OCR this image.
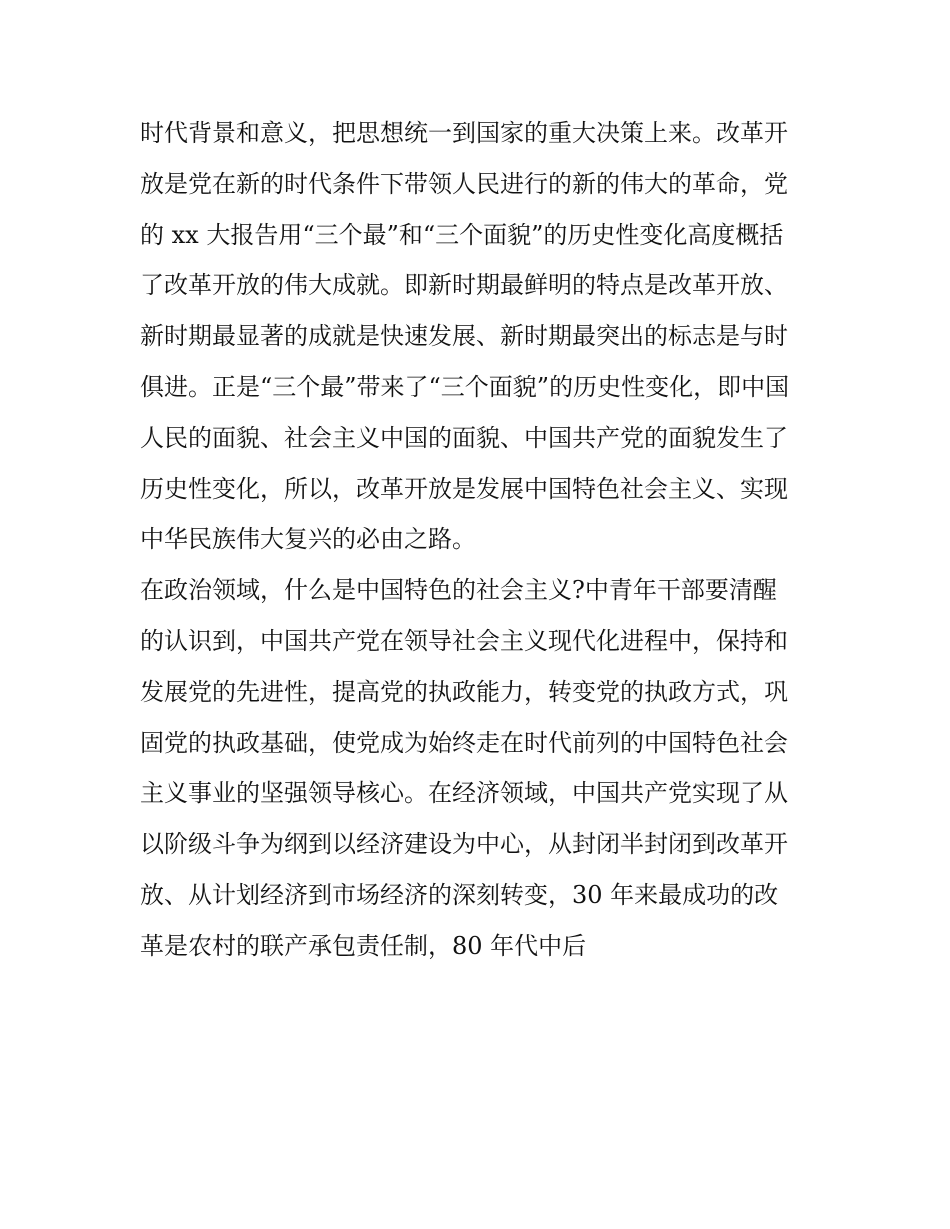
时代背景和意义，把思想统一到国家的重大决策上来。改革开
放是党在新的时代条件下带领人民进行的新的伟大的革命，党
的 xx 大报告用“三个最”和“三个面貌”的历史性变化高度概括
了改革开放的伟大成就。即新时期最鲜明的特点是改革开放、
新时期最显著的成就是快速发展、新时期最突出的标志是与时
俱进。正是“三个最”带来了“三个面貌”的历史性变化，即中国
人民的面貌、社会主义中国的面貌、中国共产党的面貌发生了
历史性变化，所以，改革开放是发展中国特色社会主义、实现
中华民族伟大复兴的必由之路。
在政治领域，什么是中国特色的社会主义?中青年干部要清醒
的认识到，中国共产党在领导社会主义现代化进程中，保持和
发展党的先进性，提高党的执政能力，转变党的执政方式，巩
固党的执政基础，使党成为始终走在时代前列的中国特色社会
主义事业的坚强领导核心。在经济领域，中国共产党实现了从
以阶级斗争为纲到以经济建设为中心，从封闭半封闭到改革开
放、从计划经济到市场经济的深刻转变，30 年来最成功的改
革是农村的联产承包责任制，80 年代中后
